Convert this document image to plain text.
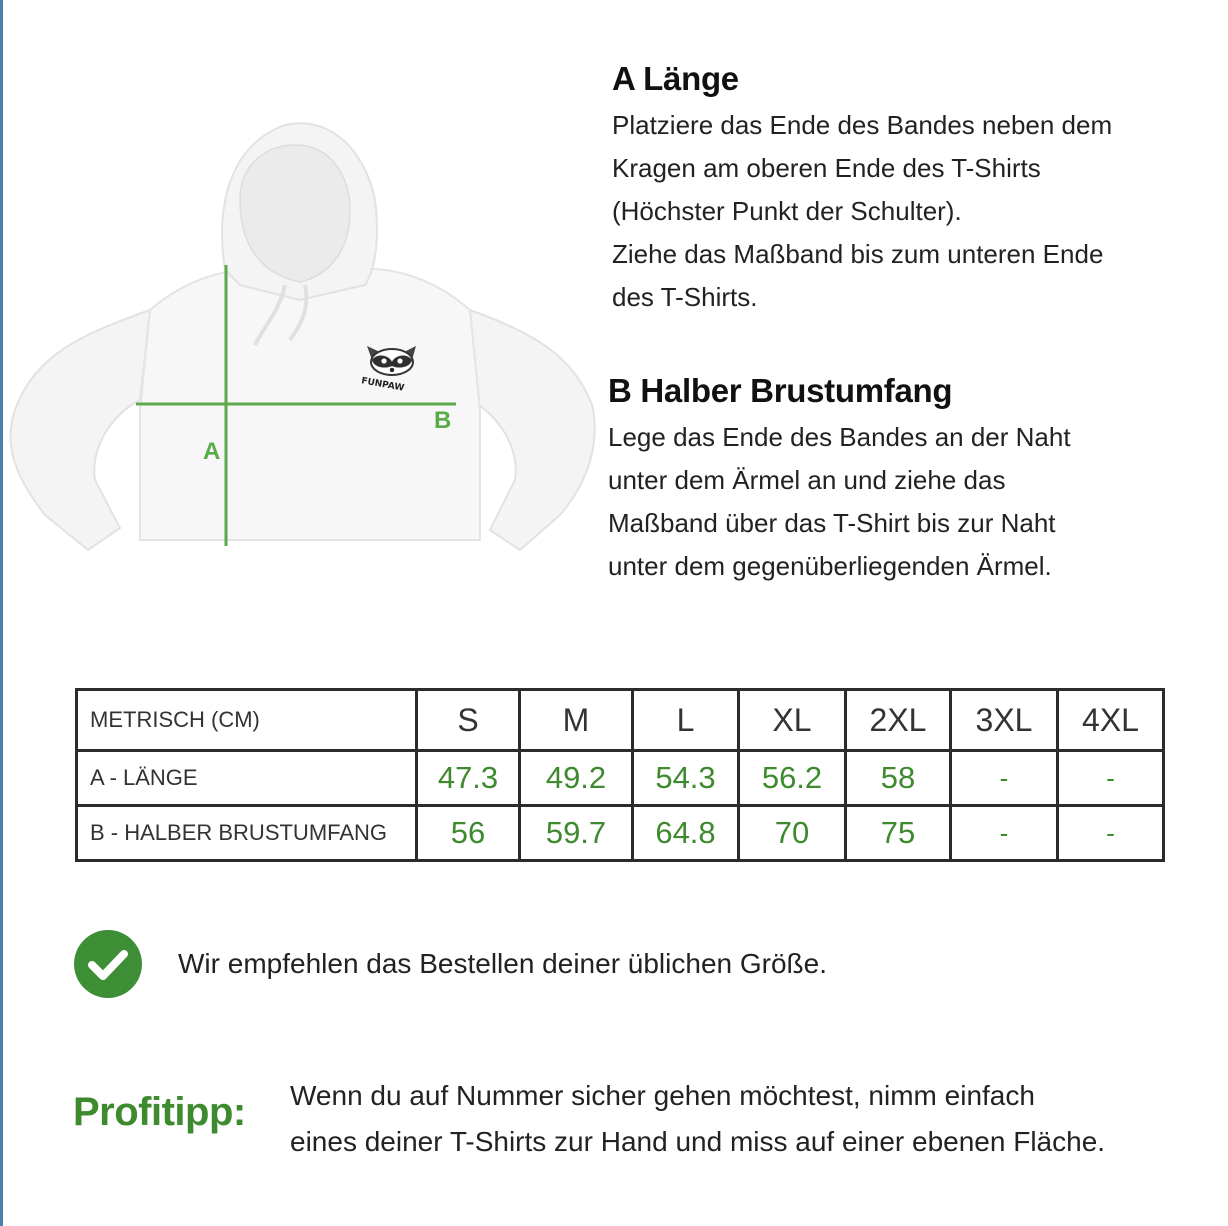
FUNPAW
A
B
A Länge

Platziere das Ende des Bandes neben dem
Kragen am oberen Ende des T-Shirts
(Höchster Punkt der Schulter).
Ziehe das Maßband bis zum unteren Ende
des T-Shirts.

B Halber Brustumfang

Lege das Ende des Bandes an der Naht
unter dem Ärmel an und ziehe das
Maßband über das T-Shirt bis zur Naht
unter dem gegenüberliegenden Ärmel.

METRISCH (CM)	S	M	L	XL	2XL	3XL	4XL
A - LÄNGE	47.3	49.2	54.3	56.2	58	-	-
B - HALBER BRUSTUMFANG	56	59.7	64.8	70	75	-	-
Wir empfehlen das Bestellen deiner üblichen Größe.
Profitipp: Wenn du auf Nummer sicher gehen möchtest, nimm einfach
eines deiner T-Shirts zur Hand und miss auf einer ebenen Fläche.
